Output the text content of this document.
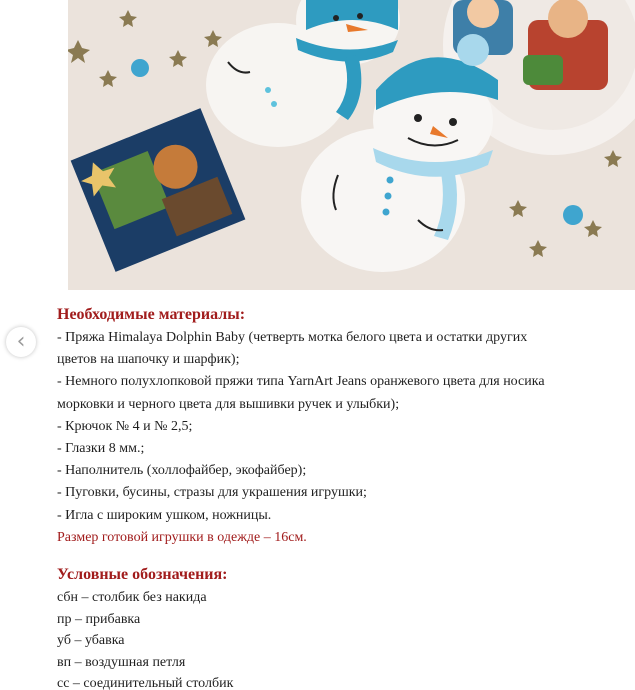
‹
Необходимые материалы:
- Пряжа Himalaya Dolphin Baby (четверть мотка белого цвета и остатки других
цветов на шапочку и шарфик);
- Немного полухлопковой пряжи типа YarnArt Jeans оранжевого цвета для носика
морковки и черного цвета для вышивки ручек и улыбки);
- Крючок № 4 и № 2,5;
- Глазки 8 мм.;
- Наполнитель (холлофайбер, экофайбер);
- Пуговки, бусины, стразы для украшения игрушки;
- Игла с широким ушком, ножницы.
Размер готовой игрушки в одежде – 16см.
Условные обозначения:
сбн – столбик без накида
пр – прибавка
уб – убавка
вп – воздушная петля
сс – соединительный столбик
